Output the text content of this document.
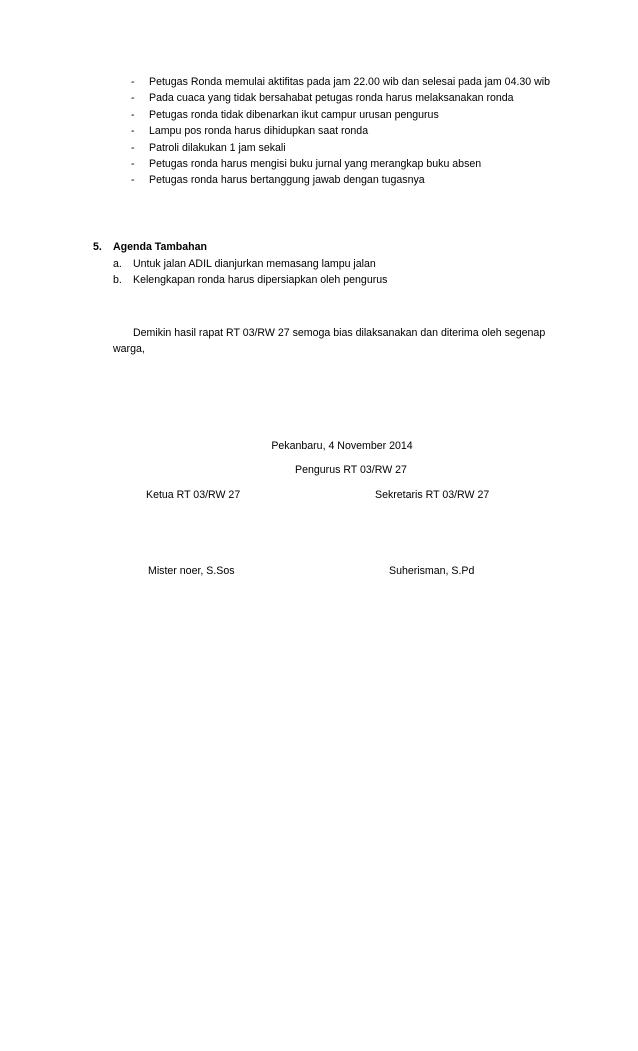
- Petugas Ronda memulai aktifitas pada jam 22.00 wib dan selesai pada jam 04.30 wib
- Pada cuaca yang tidak bersahabat petugas ronda harus melaksanakan ronda
- Petugas ronda tidak dibenarkan ikut campur urusan pengurus
- Lampu pos ronda harus dihidupkan saat ronda
- Patroli dilakukan 1 jam sekali
- Petugas ronda harus mengisi buku jurnal yang merangkap buku absen
- Petugas ronda harus bertanggung jawab dengan tugasnya
5. Agenda Tambahan
a. Untuk jalan ADIL dianjurkan memasang lampu jalan
b. Kelengkapan ronda harus dipersiapkan oleh pengurus

Demikin hasil rapat RT 03/RW 27 semoga bias dilaksanakan dan diterima oleh segenap warga,

Pekanbaru, 4 November 2014
Pengurus RT 03/RW 27
Ketua RT 03/RW 27	Sekretaris RT 03/RW 27
Mister noer, S.Sos	Suherisman, S.Pd
